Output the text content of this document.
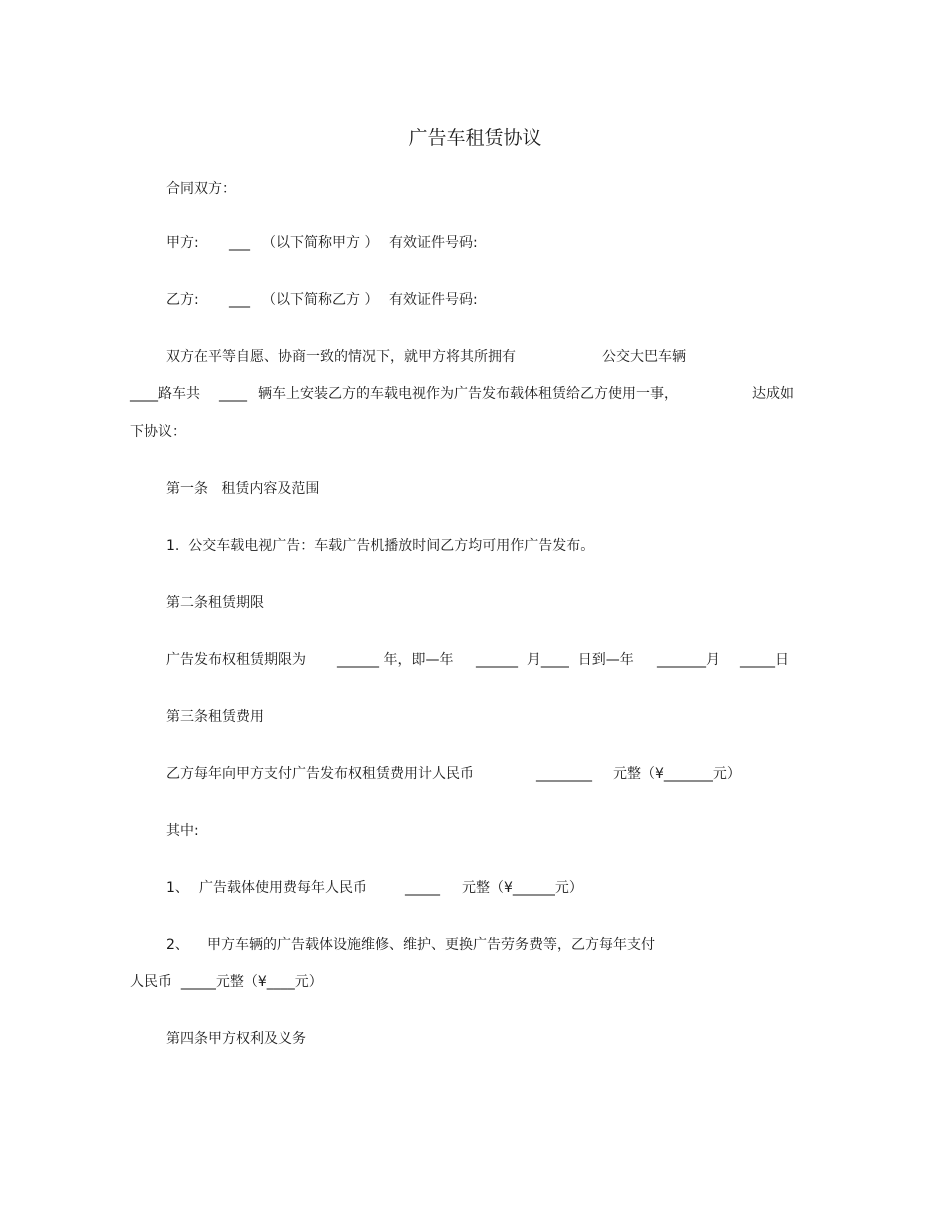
广告车租赁协议
合同双方：
甲方: ___ （以下简称甲方 ） 有效证件号码:
乙方: ___ （以下简称乙方 ） 有效证件号码:
双方在平等自愿、协商一致的情况下，就甲方将其所拥有	公交大巴车辆
____路车共 ____ 辆车上安装乙方的车载电视作为广告发布载体租赁给乙方使用一事，	达成如
下协议：
第一条   租赁内容及范围
1.  公交车载电视广告：车载广告机播放时间乙方均可用作广告发布。
第二条租赁期限
广告发布权租赁期限为 ______ 年，即—年 ______  月____  日到—年 _______月 _____日
第三条租赁费用
乙方每年向甲方支付广告发布权租赁费用计人民币	________ 元整（¥_______元）
其中:
1、 广告载体使用费每年人民币	_____ 元整（¥______元）
2、 甲方车辆的广告载体设施维修、维护、更换广告劳务费等，乙方每年支付
人民币  _____元整（¥____元）
第四条甲方权利及义务
